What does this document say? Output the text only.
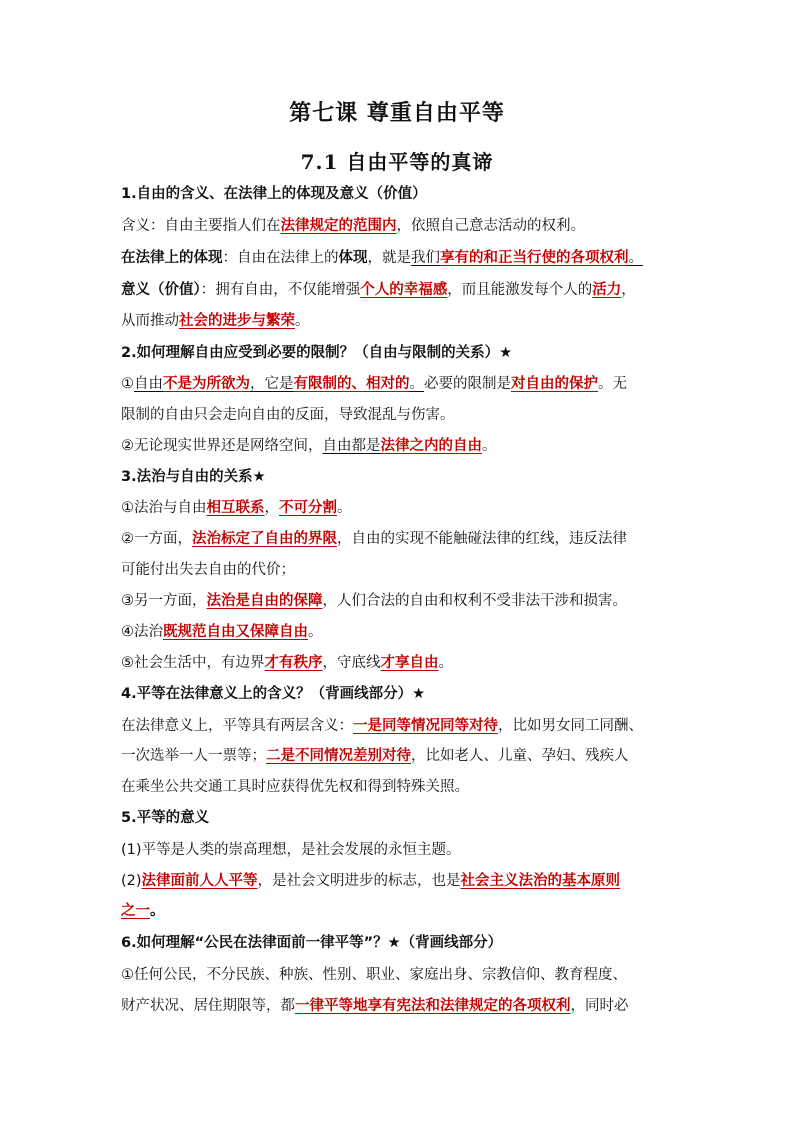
第七课 尊重自由平等
7.1 自由平等的真谛
1.自由的含义、在法律上的体现及意义（价值）
含义：自由主要指人们在法律规定的范围内，依照自己意志活动的权利。
在法律上的体现：自由在法律上的体现，就是我们享有的和正当行使的各项权利。
意义（价值）：拥有自由，不仅能增强个人的幸福感，而且能激发每个人的活力，
从而推动社会的进步与繁荣。
2.如何理解自由应受到必要的限制？（自由与限制的关系）★
①自由不是为所欲为，它是有限制的、相对的。必要的限制是对自由的保护。无
限制的自由只会走向自由的反面，导致混乱与伤害。
②无论现实世界还是网络空间，自由都是法律之内的自由。
3.法治与自由的关系★
①法治与自由相互联系，不可分割。
②一方面，法治标定了自由的界限，自由的实现不能触碰法律的红线，违反法律
可能付出失去自由的代价；
③另一方面，法治是自由的保障，人们合法的自由和权利不受非法干涉和损害。
④法治既规范自由又保障自由。
⑤社会生活中，有边界才有秩序，守底线才享自由。
4.平等在法律意义上的含义？（背画线部分）★
在法律意义上，平等具有两层含义：一是同等情况同等对待，比如男女同工同酬、
一次选举一人一票等；二是不同情况差别对待，比如老人、儿童、孕妇、残疾人
在乘坐公共交通工具时应获得优先权和得到特殊关照。
5.平等的意义
(1)平等是人类的崇高理想，是社会发展的永恒主题。
(2)法律面前人人平等，是社会文明进步的标志，也是社会主义法治的基本原则
之一。
6.如何理解“公民在法律面前一律平等”？★（背画线部分）
①任何公民，不分民族、种族、性别、职业、家庭出身、宗教信仰、教育程度、
财产状况、居住期限等，都一律平等地享有宪法和法律规定的各项权利，同时必
